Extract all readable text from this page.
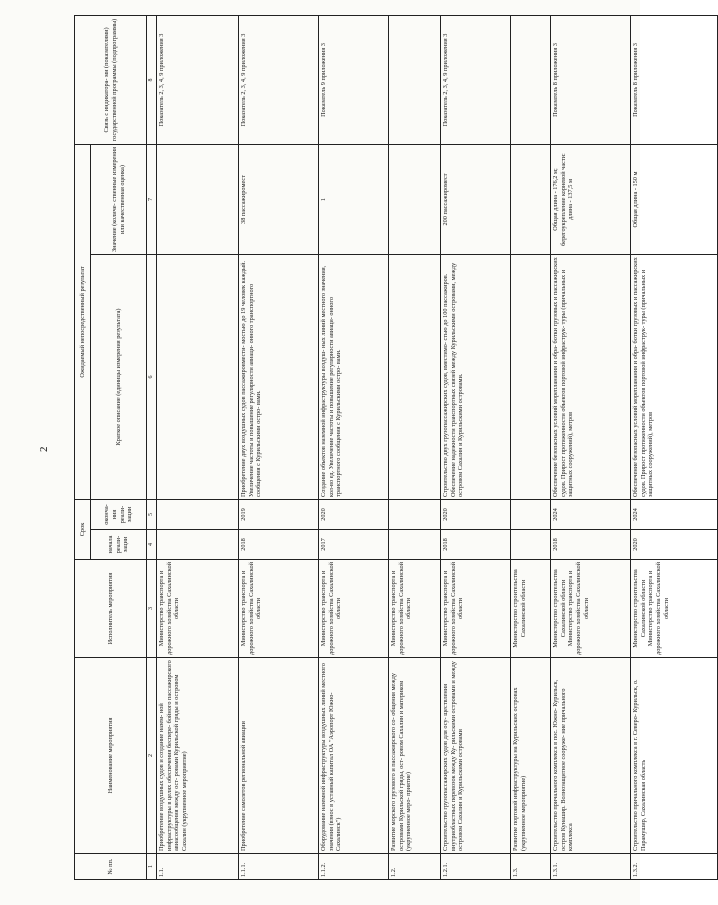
2
№ пп.	Наименование мероприятия	Исполнитель мероприятия	Срок		Ожидаемый непосредственный результат		Связь с индикатора- ми (показателями) государственной программы (подпрограммы)
			начала реали- зации	оконча- ния реали- зации	Краткое описание (единицы измерения результата)	Значение (количе- ственные измерения или качественная оценка)	
1	2	3	4	5	6	7	8
1.1.	Приобретение воздушных судов и создание назем- ной инфраструктуры в целях обеспечения беспере- бойного пассажирского авиасообщения между ост- ровами Курильской гряды и островом Сахалин (укрупненное мероприятие)	Министерство транспорта и дорожного хозяйства Сахалинской области					Показатель 2, 3, 4, 9 приложения 3
1.1.1.	Приобретение самолетов региональной авиации	Министерство транспорта и дорожного хозяйства Сахалинской области	2018	2019	Приобретение двух воздушных судов пассажировмести- мостью до 19 человек каждый. Увеличение частоты и повышение регулярности авиаци- онного транспортного сообщения с Курильскими остро- вами.	38 пассажиромест	Показатель 2, 3, 4, 9 приложения 3
1.1.2.	Оборудование наземной инфраструктуры воздушных линий местного значения (взнос в уставный капитал ОА "Аэропорт Южно-Сахалинск")	Министерство транспорта и дорожного хозяйства Сахалинской области	2017	2020	Создание объектов наземной инфраструктуры воздуш- ных линий местного значения, кол-во ед. Увеличение частоты и повышение регулярности авиаци- онного транспортного сообщения с Курильскими остро- вами.	1	Показатель 9 приложения 3
1.2.	Развитие морского грузового и пассажирского со- общения между островами Курильской гряды, ост- ровом Сахалин и материком (укрупненное меро- приятие)	Министерство транспорта и дорожного хозяйства Сахалинской области					
1.2.1.	Строительство грузопассажирских судов для осу- ществления внутриобластных перевозок между Ку- рильскими островами и между островом Сахалин и Курильскими островами	Министерство транспорта и дорожного хозяйства Сахалинской области	2018	2020	Строительство двух грузопассажирских судов, вместимо- стью до 100 пассажиров. Обеспечение надежности транспортных связей между Курильскими островами, между островом Сахалин и Курильскими островами.	200 пассажиромест	Показатель 2, 3, 4, 9 приложения 3
1.3.	Развитие портовой инфраструктуры на Курильских островах (укрупненное мероприятие)	Министерство строительства Сахалинской области					
1.3.1.	Строительство причального комплекса в пос. Южно- Курильск, остров Кунашир. Волнозащитное сооруже- ние причального комплекса	Министерство строительства Сахалинской области Министерство транспорта и дорожного хозяйства Сахалинской области	2018	2024	Обеспечение безопасных условий морепланания и обра- ботки грузовых и пассажирских судов. Прирост протяженности объектов портовой инфраструк- туры (причальных и защитных сооружений), метров	Общая длина - 176,2 м; берегоукрепление корневой части: длина - 137,5 м	Показатель 8 приложения 3
1.3.2.	Строительство причального комплекса в г. Северо- Курильск, о. Парамушир, Сахалинская область	Министерство строительства Сахалинской области Министерство транспорта и дорожного хозяйства Сахалинской области	2020	2024	Обеспечение безопасных условий морепланания и обра- ботки грузовых и пассажирских судов. Прирост протяженности объектов портовой инфраструк- туры (причальных и защитных сооружений), метров	Общая длина - 150 м	Показатель 8 приложения 3
